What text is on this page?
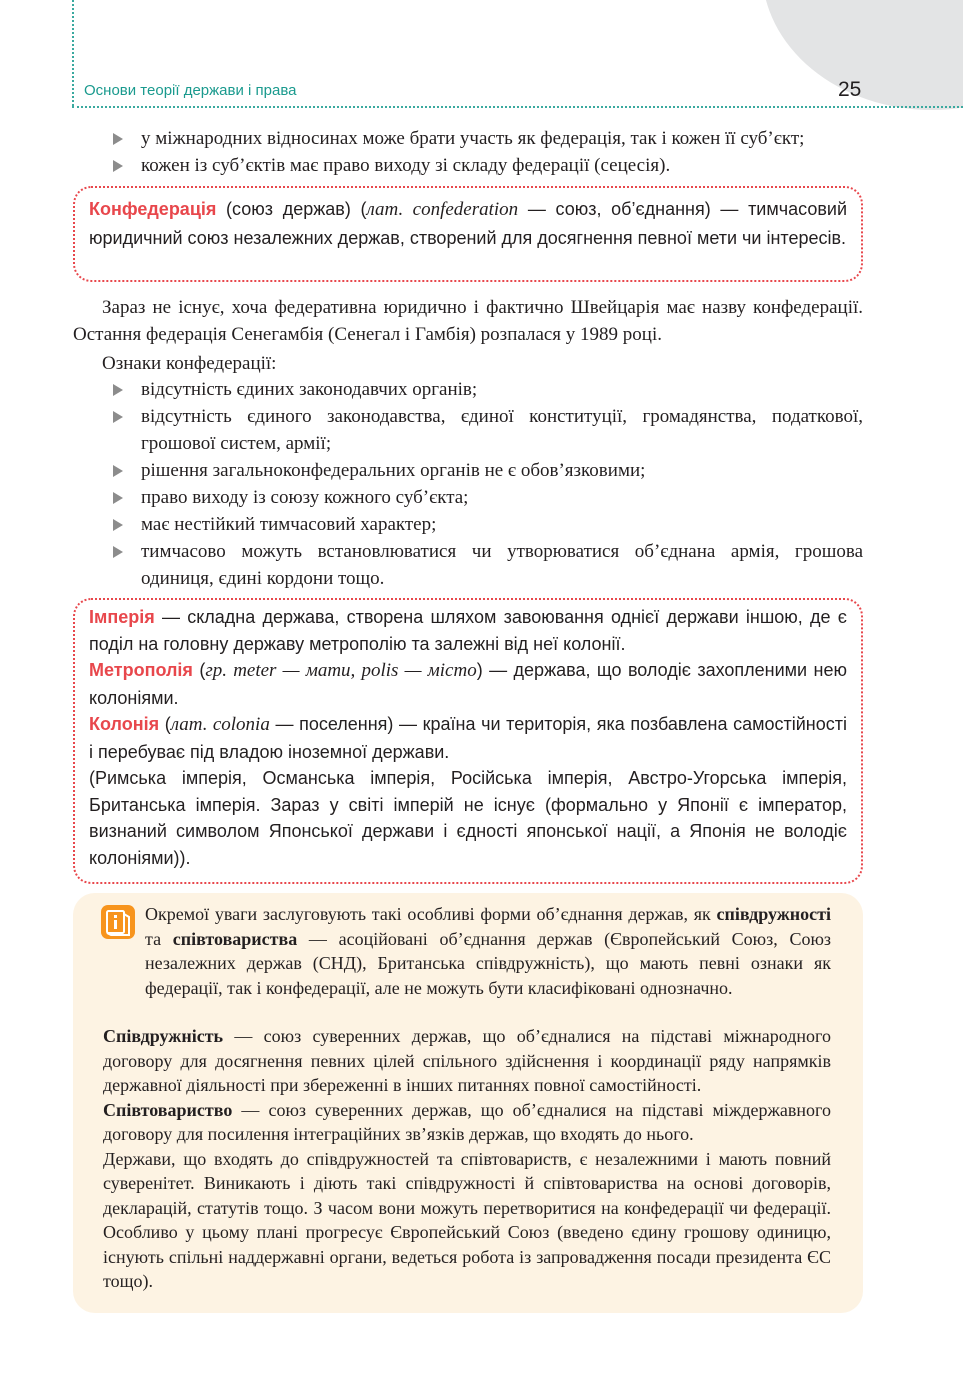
Основи теорії держави і права	25
у міжнародних відносинах може брати участь як федерація, так і кожен її суб’єкт;
кожен із суб’єктів має право виходу зі складу федерації (сецесія).

Конфедерація (союз держав) (лат. confederation — союз, об’єднання) — тимчасовий юридичний союз незалежних держав, створений для досягнення певної мети чи інтересів.

Зараз не існує, хоча федеративна юридично і фактично Швейцарія має назву конфедерації. Остання федерація Сенегамбія (Сенегал і Гамбія) розпалася у 1989 році.

Ознаки конфедерації:

відсутність єдиних законодавчих органів;
відсутність єдиного законодавства, єдиної конституції, громадянства, податкової, грошової систем, армії;
рішення загальноконфедеральних органів не є обов’язковими;
право виходу із союзу кожного суб’єкта;
має нестійкий тимчасовий характер;
тимчасово можуть встановлюватися чи утворюватися об’єднана армія, грошова одиниця, єдині кордони тощо.

Імперія — складна держава, створена шляхом завоювання однієї держави іншою, де є поділ на головну державу метрополію та залежні від неї колонії.

Метрополія (гр. meter — мати, polis — місто) — держава, що володіє захопленими нею колоніями.

Колонія (лат. colonia — поселення) — країна чи територія, яка позбавлена самостійності і перебуває під владою іноземної держави.

(Римська імперія, Османська імперія, Російська імперія, Австро-Угорська імперія, Британська імперія. Зараз у світі імперій не існує (формально у Японії є імператор, визнаний символом Японської держави і єдності японської нації, а Японія не володіє колоніями)).

Окремої уваги заслуговують такі особливі форми об’єднання держав, як співдружності та співтовариства — асоційовані об’єднання держав (Європейський Союз, Союз незалежних держав (СНД), Британська співдружність), що мають певні ознаки як федерації, так і конфедерації, але не можуть бути класифіковані однозначно.

Співдружність — союз суверенних держав, що об’єдналися на підставі міжнародного договору для досягнення певних цілей спільного здійснення і координації ряду напрямків державної діяльності при збереженні в інших питаннях повної самостійності.

Співтовариство — союз суверенних держав, що об’єдналися на підставі міждержавного договору для посилення інтеграційних зв’язків держав, що входять до нього.

Держави, що входять до співдружностей та співтовариств, є незалежними і мають повний суверенітет. Виникають і діють такі співдружності й співтовариства на основі договорів, декларацій, статутів тощо. З часом вони можуть перетворитися на конфедерації чи федерації. Особливо у цьому плані прогресує Європейський Союз (введено єдину грошову одиницю, існують спільні наддержавні органи, ведеться робота із запровадження посади президента ЄС тощо).
